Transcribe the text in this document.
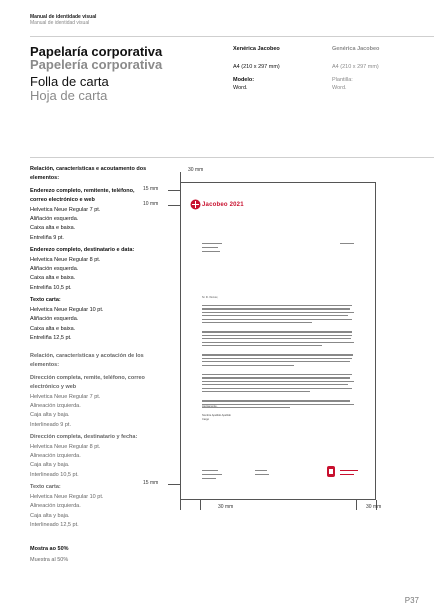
Manual de identidade visual
Manual de identidad visual
Papelaría corporativa
Papelería corporativa
Folla de carta
Hoja de carta
Xenérica Jacobeo
A4 (210 x 297 mm)
Modelo:
Word.
Genérica Jacobeo
A4 (210 x 297 mm)
Plantilla:
Word.
Relación, características e acoutamento dos elementos:
Enderezo completo, remitente, teléfono, correo electrónico e web
Helvetica Neue Regular 7 pt.
Aliñación esquerda.
Caixa alta e baixa.
Entreliña 9 pt.
Enderezo completo, destinatario e data:
Helvetica Neue Regular 8 pt.
Aliñación esquerda.
Caixa alta e baixa.
Entreliña 10,5 pt.
Texto carta:
Helvetica Neue Regular 10 pt.
Aliñación esquerda.
Caixa alta e baixa.
Entreliña 12,5 pt.
Relación, características y acotación de los elementos:
Dirección completa, remite, teléfono, correo electrónico y web
Helvetica Neue Regular 7 pt.
Alineación izquierda.
Caja alta y baja.
Interlineado 9 pt.
Dirección completa, destinatario y fecha:
Helvetica Neue Regular 8 pt.
Alineación izquierda.
Caja alta y baja.
Interlineado 10,5 pt.
Texto carta:
Helvetica Neue Regular 10 pt.
Alineación izquierda.
Caja alta y baja.
Interlineado 12,5 pt.
Mostra ao 50%
Muestra al 50%
P37
30 mm
15 mm
10 mm
15 mm
30 mm	30 mm
Jacobeo 2021
Sr. D. Xxxxxx,
Atentamente,
Nombre Apellido Apellido
Cargo
